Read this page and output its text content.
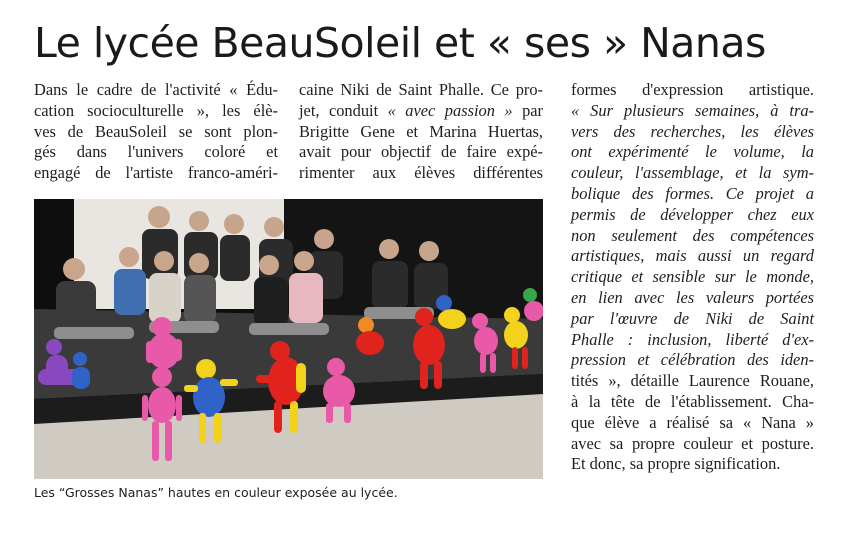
Le lycée BeauSoleil et « ses » Nanas
Dans le cadre de l'activité « Édu-
cation socioculturelle », les élè-
ves de BeauSoleil se sont plon-
gés dans l'univers coloré et
engagé de l'artiste franco-améri-
caine Niki de Saint Phalle. Ce pro-
jet, conduit « avec passion » par
Brigitte Gene et Marina Huertas,
avait pour objectif de faire expé-
rimenter aux élèves différentes
formes d'expression artistique.
« Sur plusieurs semaines, à tra-
vers des recherches, les élèves
ont expérimenté le volume, la
couleur, l'assemblage, et la sym-
bolique des formes. Ce projet a
permis de développer chez eux
non seulement des compétences
artistiques, mais aussi un regard
critique et sensible sur le monde,
en lien avec les valeurs portées
par l'œuvre de Niki de Saint
Phalle : inclusion, liberté d'ex-
pression et célébration des iden-
tités », détaille Laurence Rouane,
à la tête de l'établissement. Cha-
que élève a réalisé sa « Nana »
avec sa propre couleur et posture.
Et donc, sa propre signification.
Les “Grosses Nanas” hautes en couleur exposée au lycée.
